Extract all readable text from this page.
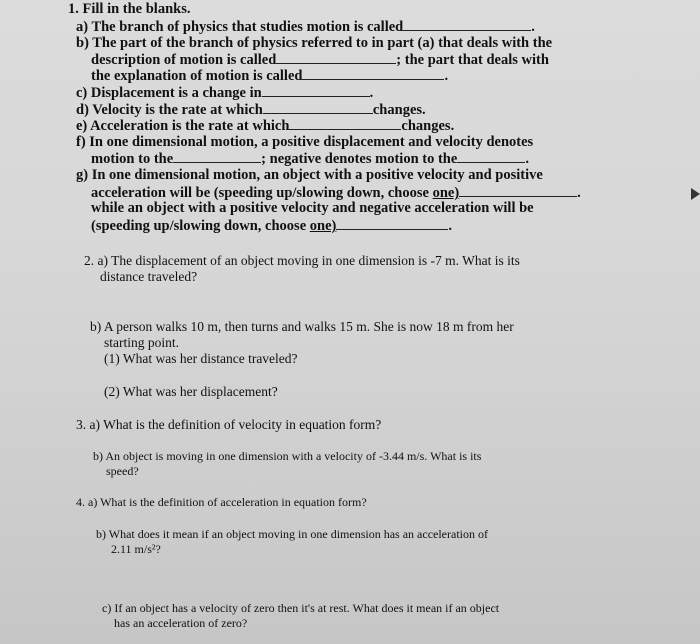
1. Fill in the blanks.
a) The branch of physics that studies motion is called	.
b) The part of the branch of physics referred to in part (a) that deals with the
description of motion is called	; the part that deals with
the explanation of motion is called	.
c) Displacement is a change in	.
d) Velocity is the rate at which	changes.
e) Acceleration is the rate at which	changes.
f) In one dimensional motion, a positive displacement and velocity denotes
motion to the	; negative denotes motion to the	.
g) In one dimensional motion, an object with a positive velocity and positive
acceleration will be (speeding up/slowing down, choose one)	.
while an object with a positive velocity and negative acceleration will be
(speeding up/slowing down, choose one)	.
2. a) The displacement of an object moving in one dimension is -7 m. What is its
distance traveled?
b) A person walks 10 m, then turns and walks 15 m. She is now 18 m from her
starting point.
(1) What was her distance traveled?
(2) What was her displacement?
3. a) What is the definition of velocity in equation form?
b) An object is moving in one dimension with a velocity of -3.44 m/s. What is its
speed?
4. a) What is the definition of acceleration in equation form?
b) What does it mean if an object moving in one dimension has an acceleration of
2.11 m/s²?
c) If an object has a velocity of zero then it's at rest. What does it mean if an object
has an acceleration of zero?
